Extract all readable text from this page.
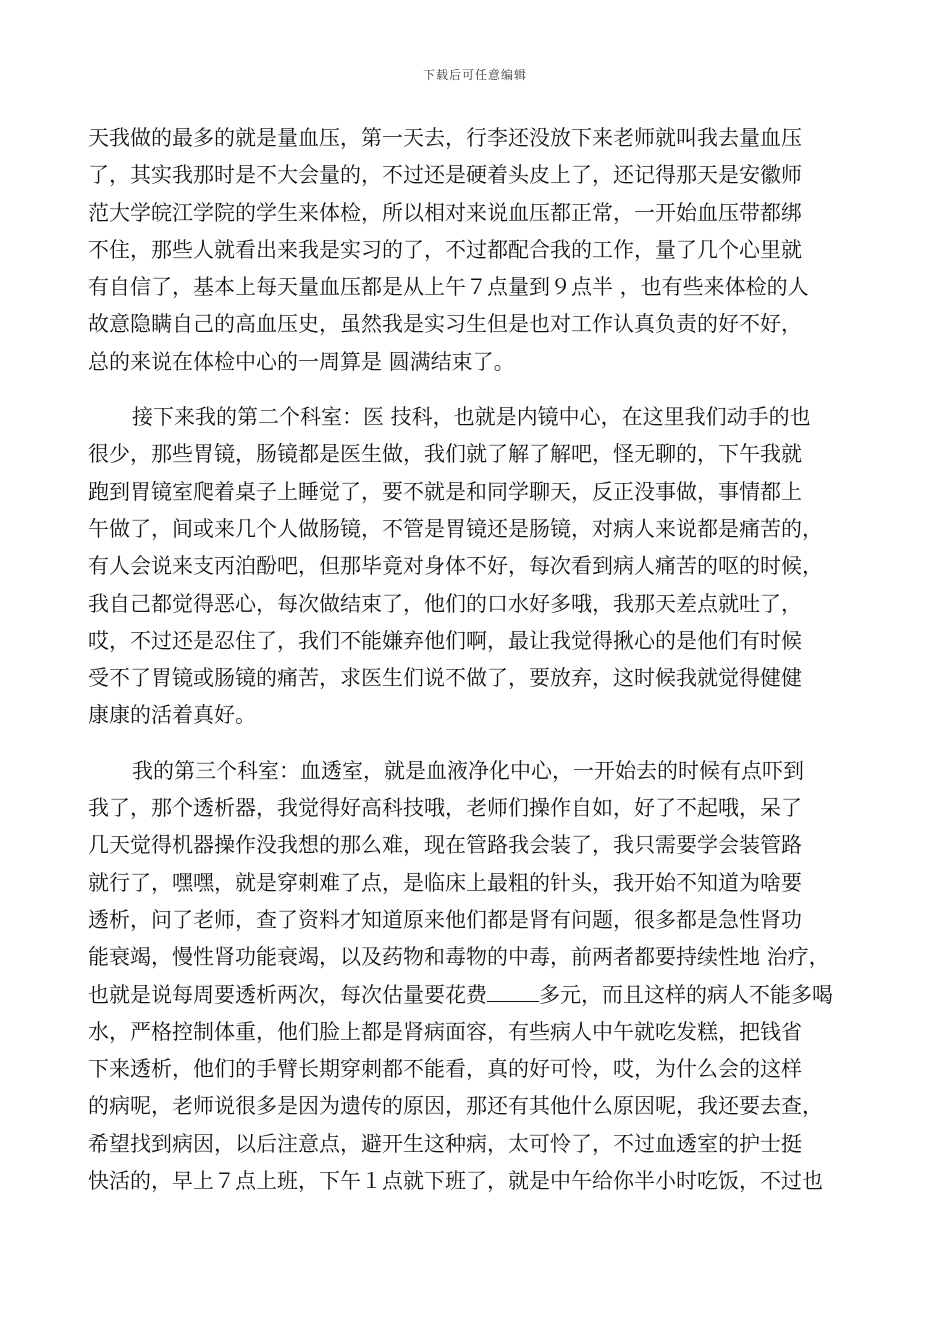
下载后可任意编辑
天我做的最多的就是量血压，第一天去，行李还没放下来老师就叫我去量血压
了，其实我那时是不大会量的，不过还是硬着头皮上了，还记得那天是安徽师
范大学皖江学院的学生来体检，所以相对来说血压都正常，一开始血压带都绑
不住，那些人就看出来我是实习的了，不过都配合我的工作，量了几个心里就
有自信了，基本上每天量血压都是从上午７点量到９点半 ，也有些来体检的人
故意隐瞒自己的高血压史，虽然我是实习生但是也对工作认真负责的好不好，
总的来说在体检中心的一周算是 圆满结束了。
接下来我的第二个科室：医 技科，也就是内镜中心，在这里我们动手的也
很少，那些胃镜，肠镜都是医生做，我们就了解了解吧，怪无聊的，下午我就
跑到胃镜室爬着桌子上睡觉了，要不就是和同学聊天，反正没事做，事情都上
午做了，间或来几个人做肠镜，不管是胃镜还是肠镜，对病人来说都是痛苦的，
有人会说来支丙泊酚吧，但那毕竟对身体不好，每次看到病人痛苦的呕的时候，
我自己都觉得恶心，每次做结束了，他们的口水好多哦，我那天差点就吐了，
哎，不过还是忍住了，我们不能嫌弃他们啊，最让我觉得揪心的是他们有时候
受不了胃镜或肠镜的痛苦，求医生们说不做了，要放弃，这时候我就觉得健健
康康的活着真好。
我的第三个科室：血透室，就是血液净化中心，一开始去的时候有点吓到
我了，那个透析器，我觉得好高科技哦，老师们操作自如，好了不起哦，呆了
几天觉得机器操作没我想的那么难，现在管路我会装了，我只需要学会装管路
就行了，嘿嘿，就是穿刺难了点，是临床上最粗的针头，我开始不知道为啥要
透析，问了老师，查了资料才知道原来他们都是肾有问题，很多都是急性肾功
能衰竭，慢性肾功能衰竭，以及药物和毒物的中毒，前两者都要持续性地 治疗，
也就是说每周要透析两次，每次估量要花费 多元，而且这样的病人不能多喝
水，严格控制体重，他们脸上都是肾病面容，有些病人中午就吃发糕，把钱省
下来透析，他们的手臂长期穿刺都不能看，真的好可怜，哎，为什么会的这样
的病呢，老师说很多是因为遗传的原因，那还有其他什么原因呢，我还要去查，
希望找到病因，以后注意点，避开生这种病，太可怜了，不过血透室的护士挺
快活的，早上７点上班，下午１点就下班了，就是中午给你半小时吃饭，不过也
